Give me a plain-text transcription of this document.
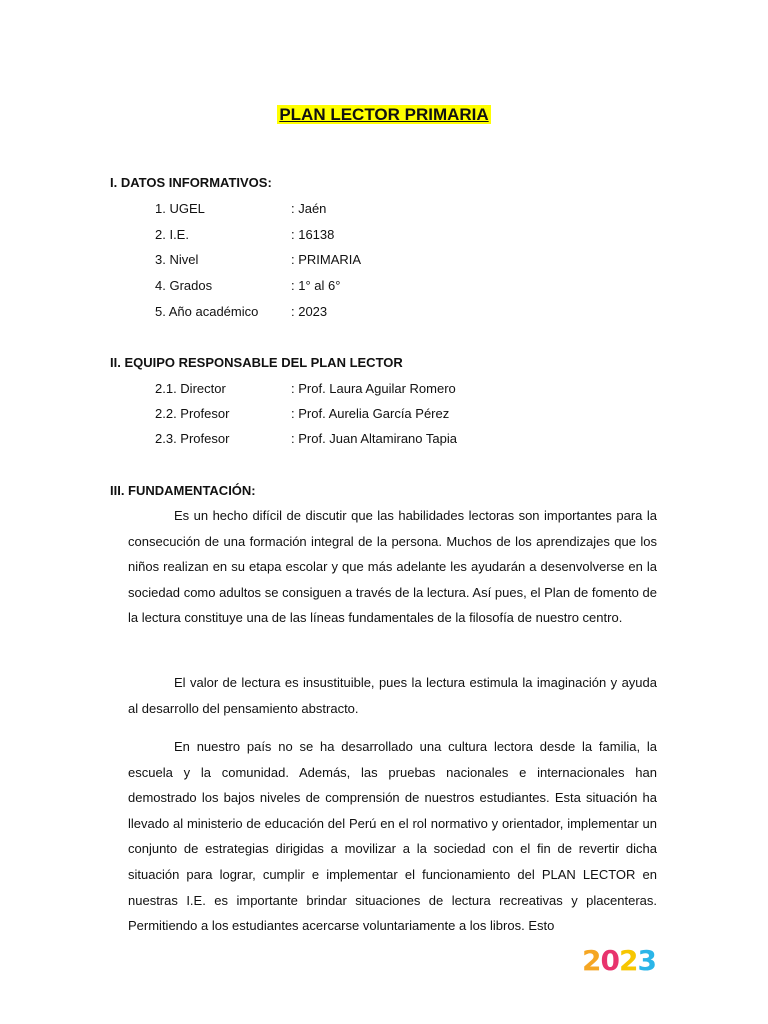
PLAN LECTOR PRIMARIA
I. DATOS INFORMATIVOS:
1. UGEL	: Jaén
2. I.E.	: 16138
3. Nivel	: PRIMARIA
4. Grados	: 1° al 6°
5. Año académico	: 2023
II. EQUIPO RESPONSABLE DEL PLAN LECTOR
2.1. Director	: Prof. Laura Aguilar Romero
2.2. Profesor	: Prof. Aurelia García Pérez
2.3. Profesor	: Prof. Juan Altamirano Tapia
III. FUNDAMENTACIÓN:

Es un hecho difícil de discutir que las habilidades lectoras son importantes para la consecución de una formación integral de la persona. Muchos de los aprendizajes que los niños realizan en su etapa escolar y que más adelante les ayudarán a desenvolverse en la sociedad como adultos se consiguen a través de la lectura. Así pues, el Plan de fomento de la lectura constituye una de las líneas fundamentales de la filosofía de nuestro centro.

El valor de lectura es insustituible, pues la lectura estimula la imaginación y ayuda al desarrollo del pensamiento abstracto.

En nuestro país no se ha desarrollado una cultura lectora desde la familia, la escuela y la comunidad. Además, las pruebas nacionales e internacionales han demostrado los bajos niveles de comprensión de nuestros estudiantes. Esta situación ha llevado al ministerio de educación del Perú en el rol normativo y orientador, implementar un conjunto de estrategias dirigidas a movilizar a la sociedad con el fin de revertir dicha situación para lograr, cumplir e implementar el funcionamiento del PLAN LECTOR en nuestras I.E. es importante brindar situaciones de lectura recreativas y placenteras. Permitiendo a los estudiantes acercarse voluntariamente a los libros. Esto

2023
